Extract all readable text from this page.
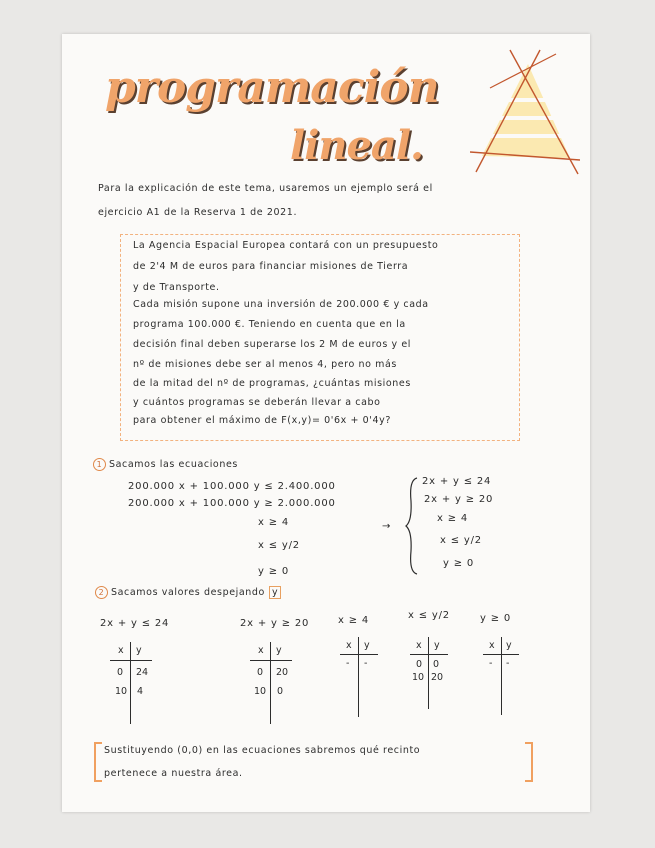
programación
lineal.
Para la explicación de este tema, usaremos un ejemplo será el
ejercicio A1 de la Reserva 1 de 2021.
La Agencia Espacial Europea contará con un presupuesto
de 2'4 M de euros para financiar misiones de Tierra
y de Transporte.
Cada misión supone una inversión de 200.000 € y cada
programa 100.000 €. Teniendo en cuenta que en la
decisión final deben superarse los 2 M de euros y el
nº de misiones debe ser al menos 4, pero no más
de la mitad del nº de programas, ¿cuántas misiones
y cuántos programas se deberán llevar a cabo
para obtener el máximo de F(x,y)= 0'6x + 0'4y?
1 Sacamos las ecuaciones
200.000 x + 100.000 y ≤ 2.400.000
200.000 x + 100.000 y ≥ 2.000.000
x ≥ 4
x ≤ y/2
y ≥ 0
→
2x + y ≤ 24
2x + y ≥ 20
x ≥ 4
x ≤ y/2
y ≥ 0
2 Sacamos valores despejando y
2x + y ≤ 24
x y
0 24
10 4
2x + y ≥ 20
x y
0 20
10 0
x ≥ 4
x y
- -
x ≤ y/2
x y
0 0
10 20
y ≥ 0
x y
- -
Sustituyendo (0,0) en las ecuaciones sabremos qué recinto
pertenece a nuestra área.
